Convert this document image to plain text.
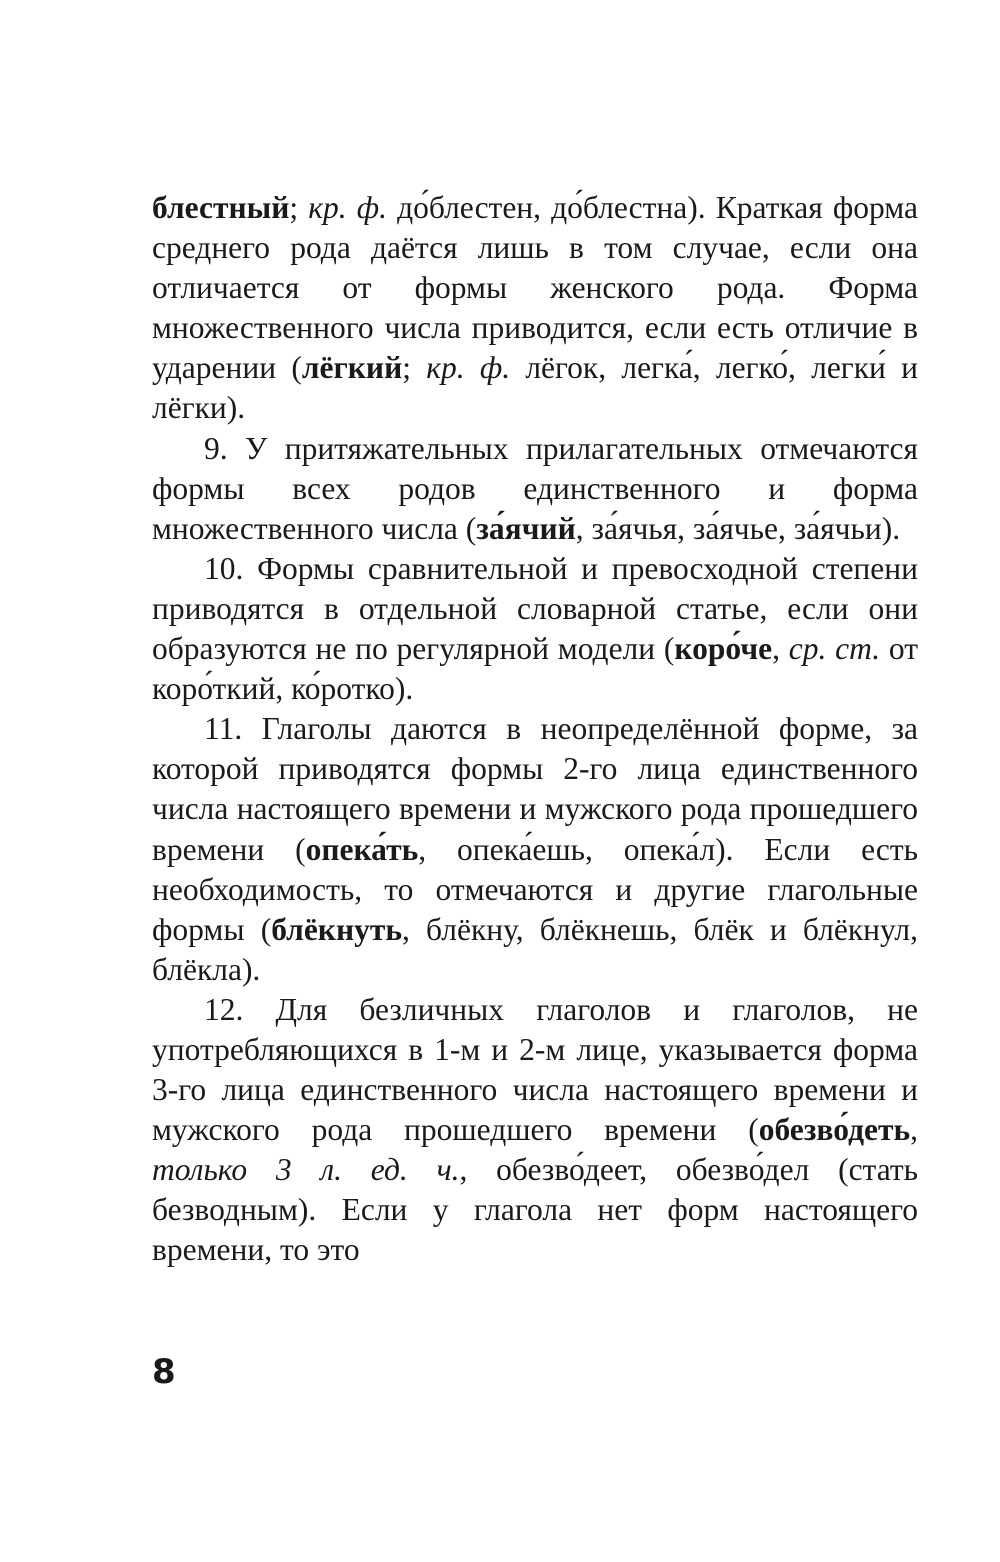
блестный; кр. ф. до́блестен, до́блестна). Краткая форма среднего рода даётся лишь в том случае, если она отличается от формы женского рода. Форма множественного числа приводится, если есть отличие в ударении (лёгкий; кр. ф. лёгок, легка́, легко́, легки́ и лёгки).

9. У притяжательных прилагательных отмечаются формы всех родов единственного и форма множественного числа (за́ячий, за́ячья, за́ячье, за́ячьи).

10. Формы сравнительной и превосходной степени приводятся в отдельной словарной статье, если они образуются не по регулярной модели (коро́че, ср. ст. от коро́ткий, ко́ротко).

11. Глаголы даются в неопределённой форме, за которой приводятся формы 2-го лица единственного числа настоящего времени и мужского рода прошедшего времени (опека́ть, опека́ешь, опека́л). Если есть необходимость, то отмечаются и другие глагольные формы (блёкнуть, блёкну, блёкнешь, блёк и блёкнул, блёкла).

12. Для безличных глаголов и глаголов, не употребляющихся в 1-м и 2-м лице, указывается форма 3-го лица единственного числа настоящего времени и мужского рода прошедшего времени (обезво́деть, только 3 л. ед. ч., обезво́деет, обезво́дел (стать безводным). Если у глагола нет форм настоящего времени, то это

8
